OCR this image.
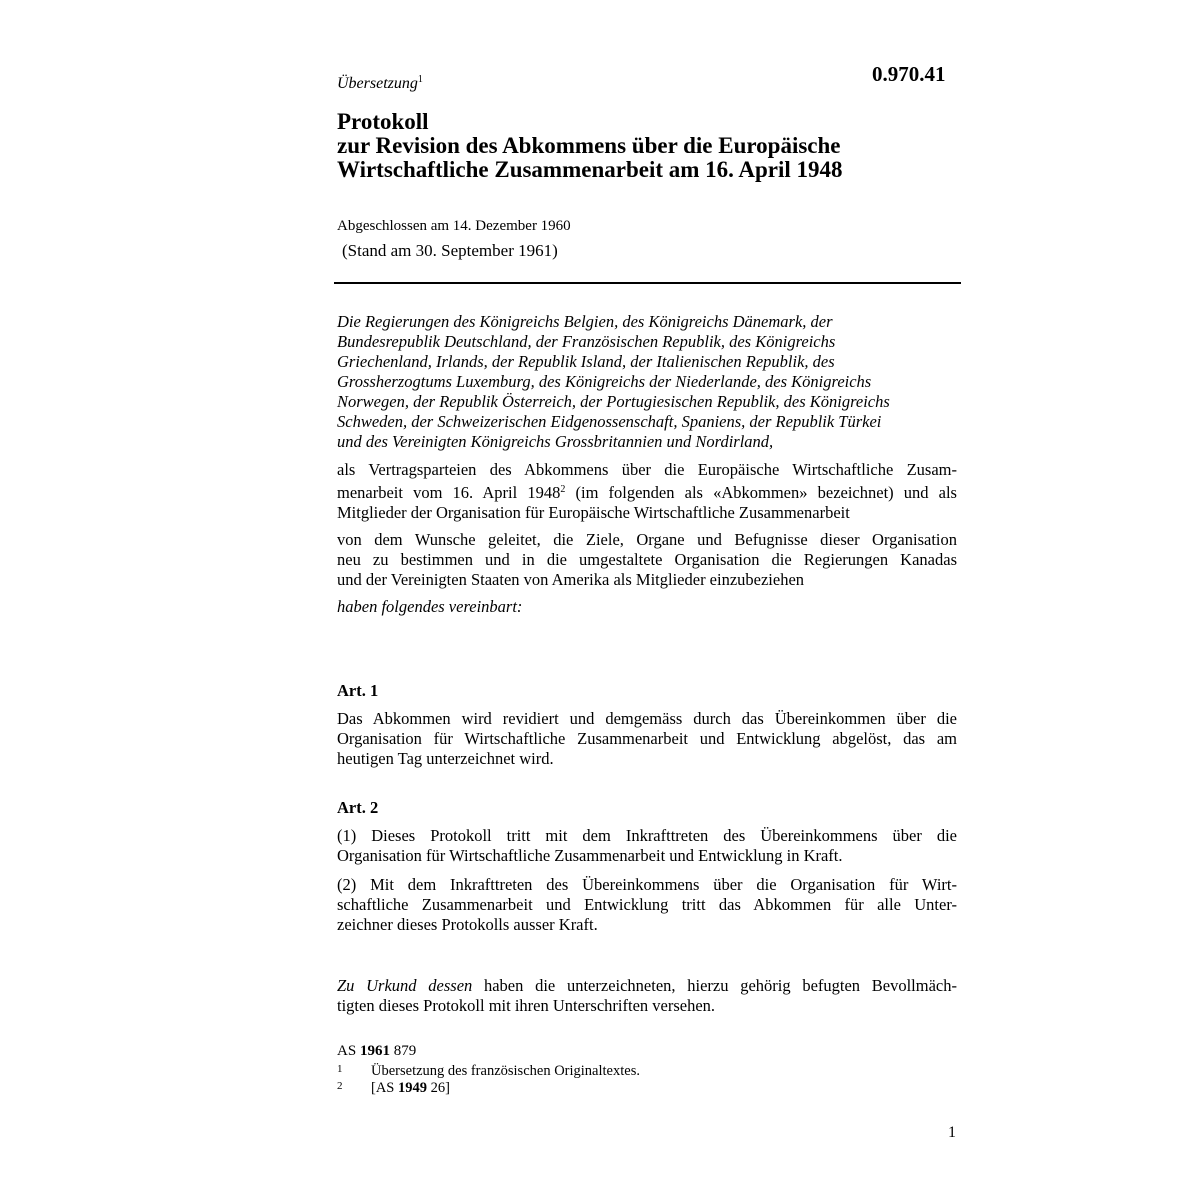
Übersetzung$^1$	0.970.41
Protokoll
zur Revision des Abkommens über die Europäische
Wirtschaftliche Zusammenarbeit am 16. April 1948
Abgeschlossen am 14. Dezember 1960
(Stand am 30. September 1961)
Die Regierungen des Königreichs Belgien, des Königreichs Dänemark, der
Bundesrepublik Deutschland, der Französischen Republik, des Königreichs
Griechenland, Irlands, der Republik Island, der Italienischen Republik, des
Grossherzogtums Luxemburg, des Königreichs der Niederlande, des Königreichs
Norwegen, der Republik Österreich, der Portugiesischen Republik, des Königreichs
Schweden, der Schweizerischen Eidgenossenschaft, Spaniens, der Republik Türkei
und des Vereinigten Königreichs Grossbritannien und Nordirland,
als Vertragsparteien des Abkommens über die Europäische Wirtschaftliche Zusam-
menarbeit vom 16. April 1948$^2$ (im folgenden als «Abkommen» bezeichnet) und als
Mitglieder der Organisation für Europäische Wirtschaftliche Zusammenarbeit
von dem Wunsche geleitet, die Ziele, Organe und Befugnisse dieser Organisation
neu zu bestimmen und in die umgestaltete Organisation die Regierungen Kanadas
und der Vereinigten Staaten von Amerika als Mitglieder einzubeziehen
haben folgendes vereinbart:
Art. 1
Das Abkommen wird revidiert und demgemäss durch das Übereinkommen über die
Organisation für Wirtschaftliche Zusammenarbeit und Entwicklung abgelöst, das am
heutigen Tag unterzeichnet wird.
Art. 2
(1) Dieses Protokoll tritt mit dem Inkrafttreten des Übereinkommens über die
Organisation für Wirtschaftliche Zusammenarbeit und Entwicklung in Kraft.
(2) Mit dem Inkrafttreten des Übereinkommens über die Organisation für Wirt-
schaftliche Zusammenarbeit und Entwicklung tritt das Abkommen für alle Unter-
zeichner dieses Protokolls ausser Kraft.
Zu Urkund dessen haben die unterzeichneten, hierzu gehörig befugten Bevollmäch-
tigten dieses Protokoll mit ihren Unterschriften versehen.
AS 1961 879
1 Übersetzung des französischen Originaltextes.
2 [AS 1949 26]
1
